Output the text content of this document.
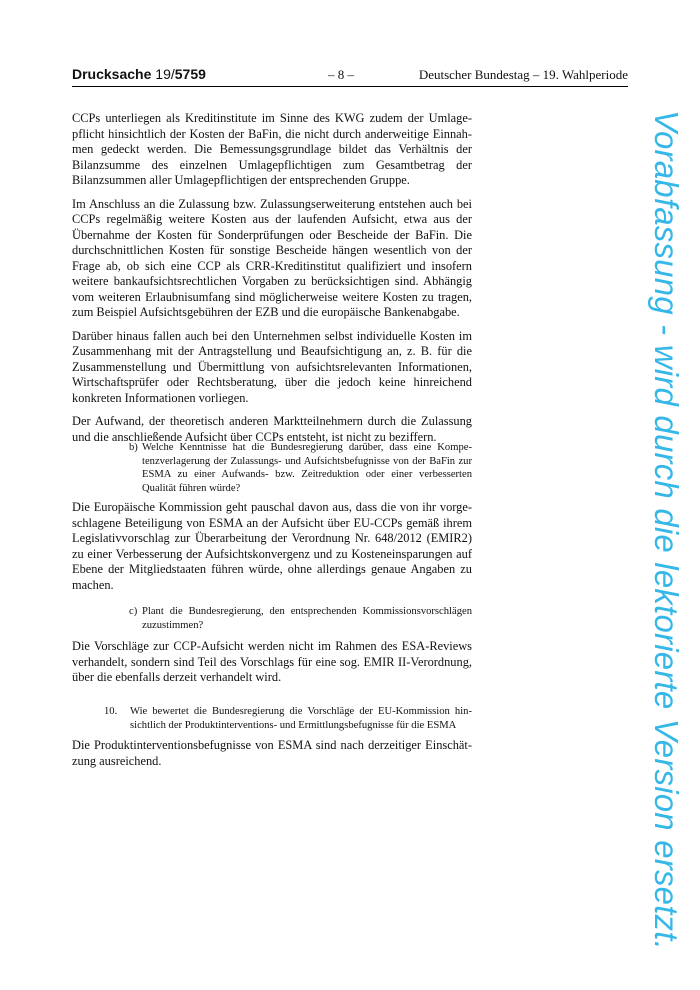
Drucksache 19/5759	– 8 –	Deutscher Bundestag – 19. Wahlperiode

CCPs unterliegen als Kreditinstitute im Sinne des KWG zudem der Umlagepflicht hinsichtlich der Kosten der BaFin, die nicht durch anderweitige Einnahmen gedeckt werden. Die Bemessungsgrundlage bildet das Verhältnis der Bilanzsumme des einzelnen Umlagepflichtigen zum Gesamtbetrag der Bilanzsummen aller Umlagepflichtigen der entsprechenden Gruppe.

Im Anschluss an die Zulassung bzw. Zulassungserweiterung entstehen auch bei CCPs regelmäßig weitere Kosten aus der laufenden Aufsicht, etwa aus der Übernahme der Kosten für Sonderprüfungen oder Bescheide der BaFin. Die durchschnittlichen Kosten für sonstige Bescheide hängen wesentlich von der Frage ab, ob sich eine CCP als CRR-Kreditinstitut qualifiziert und insofern weitere bankaufsichtsrechtlichen Vorgaben zu berücksichtigen sind. Abhängig vom weiteren Erlaubnisumfang sind möglicherweise weitere Kosten zu tragen, zum Beispiel Aufsichtsgebühren der EZB und die europäische Bankenabgabe.

Darüber hinaus fallen auch bei den Unternehmen selbst individuelle Kosten im Zusammenhang mit der Antragstellung und Beaufsichtigung an, z. B. für die Zusammenstellung und Übermittlung von aufsichtsrelevanten Informationen, Wirtschaftsprüfer oder Rechtsberatung, über die jedoch keine hinreichend konkreten Informationen vorliegen.

Der Aufwand, der theoretisch anderen Marktteilnehmern durch die Zulassung und die anschließende Aufsicht über CCPs entsteht, ist nicht zu beziffern.

b) Welche Kenntnisse hat die Bundesregierung darüber, dass eine Kompetenzverlagerung der Zulassungs- und Aufsichtsbefugnisse von der BaFin zur ESMA zu einer Aufwands- bzw. Zeitreduktion oder einer verbesserten Qualität führen würde?

Die Europäische Kommission geht pauschal davon aus, dass die von ihr vorgeschlagene Beteiligung von ESMA an der Aufsicht über EU-CCPs gemäß ihrem Legislativvorschlag zur Überarbeitung der Verordnung Nr. 648/2012 (EMIR2) zu einer Verbesserung der Aufsichtskonvergenz und zu Kosteneinsparungen auf Ebene der Mitgliedstaaten führen würde, ohne allerdings genaue Angaben zu machen.

c) Plant die Bundesregierung, den entsprechenden Kommissionsvorschlägen zuzustimmen?

Die Vorschläge zur CCP-Aufsicht werden nicht im Rahmen des ESA-Reviews verhandelt, sondern sind Teil des Vorschlags für eine sog. EMIR II-Verordnung, über die ebenfalls derzeit verhandelt wird.

10. Wie bewertet die Bundesregierung die Vorschläge der EU-Kommission hinsichtlich der Produktinterventions- und Ermittlungsbefugnisse für die ESMA

Die Produktinterventionsbefugnisse von ESMA sind nach derzeitiger Einschätzung ausreichend.	Vorabfassung - wird durch die lektorierte Version ersetzt.
